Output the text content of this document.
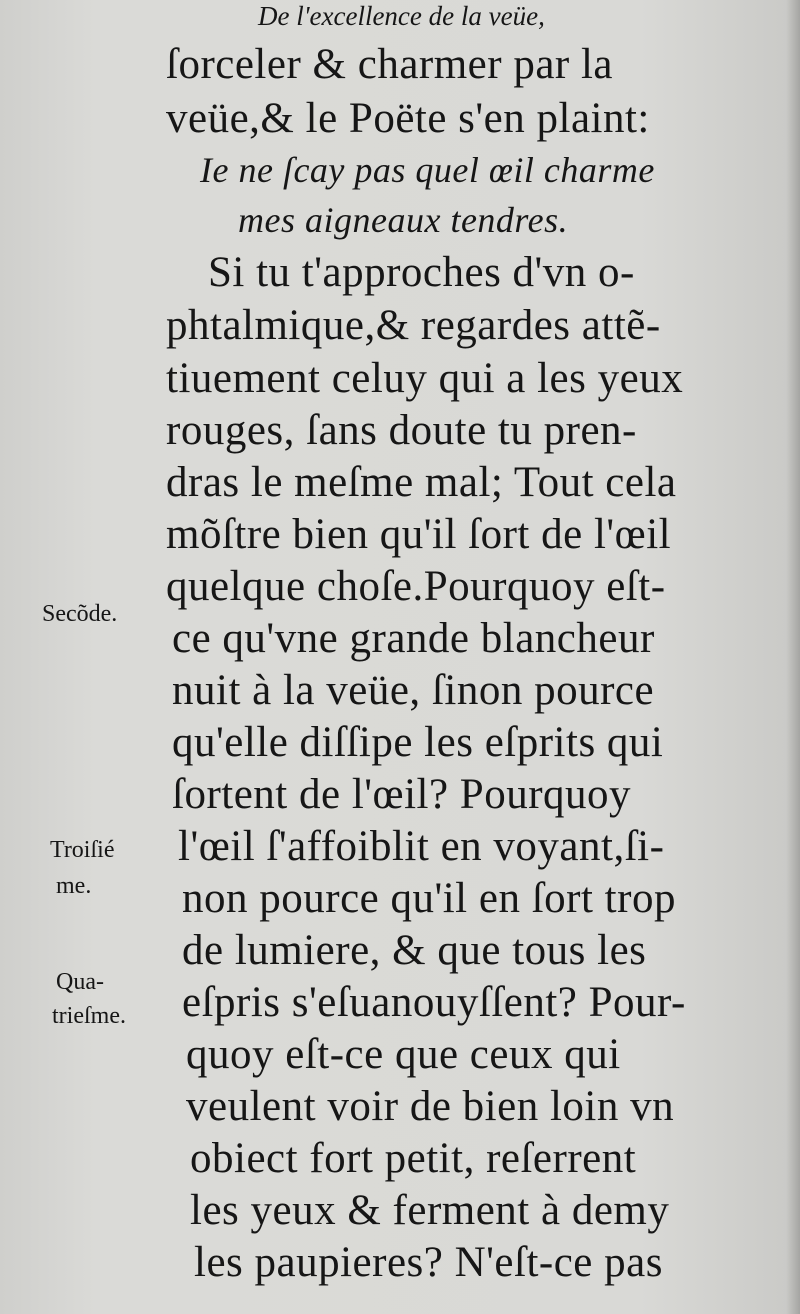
De l'excellence de la veüe,
ſorceler & charmer par la
veüe,& le Poëte s'en plaint:
Ie ne ſcay pas quel œil charme
mes aigneaux tendres.
Si tu t'approches d'vn o-
phtalmique,& regardes attẽ-
tiuement celuy qui a les yeux
rouges, ſans doute tu pren-
dras le meſme mal; Tout cela
mõſtre bien qu'il ſort de l'œil
quelque choſe.Pourquoy eſt-
ce qu'vne grande blancheur
nuit à la veüe, ſinon pource
qu'elle diſſipe les eſprits qui
ſortent de l'œil? Pourquoy
l'œil ſ'affoiblit en voyant,ſi-
non pource qu'il en ſort trop
de lumiere, & que tous les
eſpris s'eſuanouyſſent? Pour-
quoy eſt-ce que ceux qui
veulent voir de bien loin vn
obiect fort petit, reſerrent
les yeux & ferment à demy
les paupieres? N'eſt-ce pas
Secõde.
Troiſié
me.
Qua-
trieſme.
